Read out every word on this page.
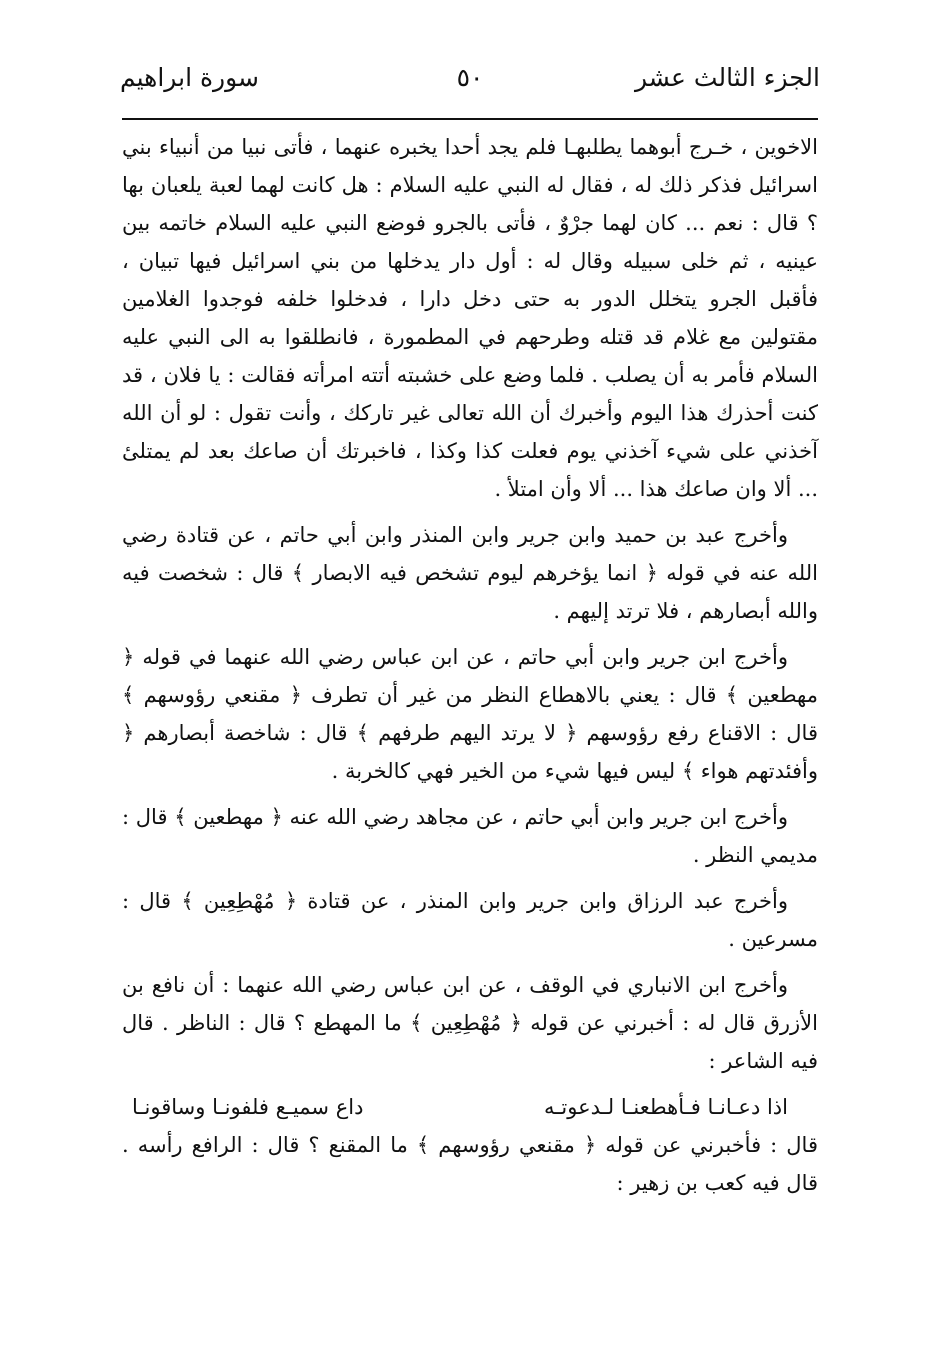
الجزء الثالث عشر
٥٠
سورة ابراهيم

الاخوين ، خـرج أبوهما يطلبهـا فلم يجد أحدا يخبره عنهما ، فأتى نبيا من أنبياء بني اسرائيل فذكر ذلك له ، فقال له النبي عليه السلام : هل كانت لهما لعبة يلعبان بها ؟ قال : نعم ... كان لهما جرْوٌ ، فأتى بالجرو فوضع النبي عليه السلام خاتمه بين عينيه ، ثم خلى سبيله وقال له : أول دار يدخلها من بني اسرائيل فيها تبيان ، فأقبل الجرو يتخلل الدور به حتى دخل دارا ، فدخلوا خلفه فوجدوا الغلامين مقتولين مع غلام قد قتله وطرحهم في المطمورة ، فانطلقوا به الى النبي عليه السلام فأمر به أن يصلب . فلما وضع على خشبته أتته امرأته فقالت : يا فلان ، قد كنت أحذرك هذا اليوم وأخبرك أن الله تعالى غير تاركك ، وأنت تقول : لو أن الله آخذني على شيء آخذني يوم فعلت كذا وكذا ، فاخبرتك أن صاعك بعد لم يمتلىٔ ... ألا وان صاعك هذا ... ألا وأن امتلأ .

وأخرج عبد بن حميد وابن جرير وابن المنذر وابن أبي حاتم ، عن قتادة رضي الله عنه في قوله ﴿ انما يؤخرهم ليوم تشخص فيه الابصار ﴾ قال : شخصت فيه والله أبصارهم ، فلا ترتد إليهم .

وأخرج ابن جرير وابن أبي حاتم ، عن ابن عباس رضي الله عنهما في قوله ﴿ مهطعين ﴾ قال : يعني بالاهطاع النظر من غير أن تطرف ﴿ مقنعي رؤوسهم ﴾ قال : الاقناع رفع رؤوسهم ﴿ لا يرتد اليهم طرفهم ﴾ قال : شاخصة أبصارهم ﴿ وأفئدتهم هواء ﴾ ليس فيها شيء من الخير فهي كالخربة .

وأخرج ابن جرير وابن أبي حاتم ، عن مجاهد رضي الله عنه ﴿ مهطعين ﴾ قال : مديمي النظر .

وأخرج عبد الرزاق وابن جرير وابن المنذر ، عن قتادة ﴿ مُهْطِعِين ﴾ قال : مسرعين .

وأخرج ابن الانباري في الوقف ، عن ابن عباس رضي الله عنهما : أن نافع بن الأزرق قال له : أخبرني عن قوله ﴿ مُهْطِعِين ﴾ ما المهطع ؟ قال : الناظر . قال فيه الشاعر :

اذا دعـانـا فـأهطعنـا لـدعوتـه
داع سميـع فلفونـا وساقونـا

قال : فأخبرني عن قوله ﴿ مقنعي رؤوسهم ﴾ ما المقنع ؟ قال : الرافع رأسه . قال فيه كعب بن زهير :
